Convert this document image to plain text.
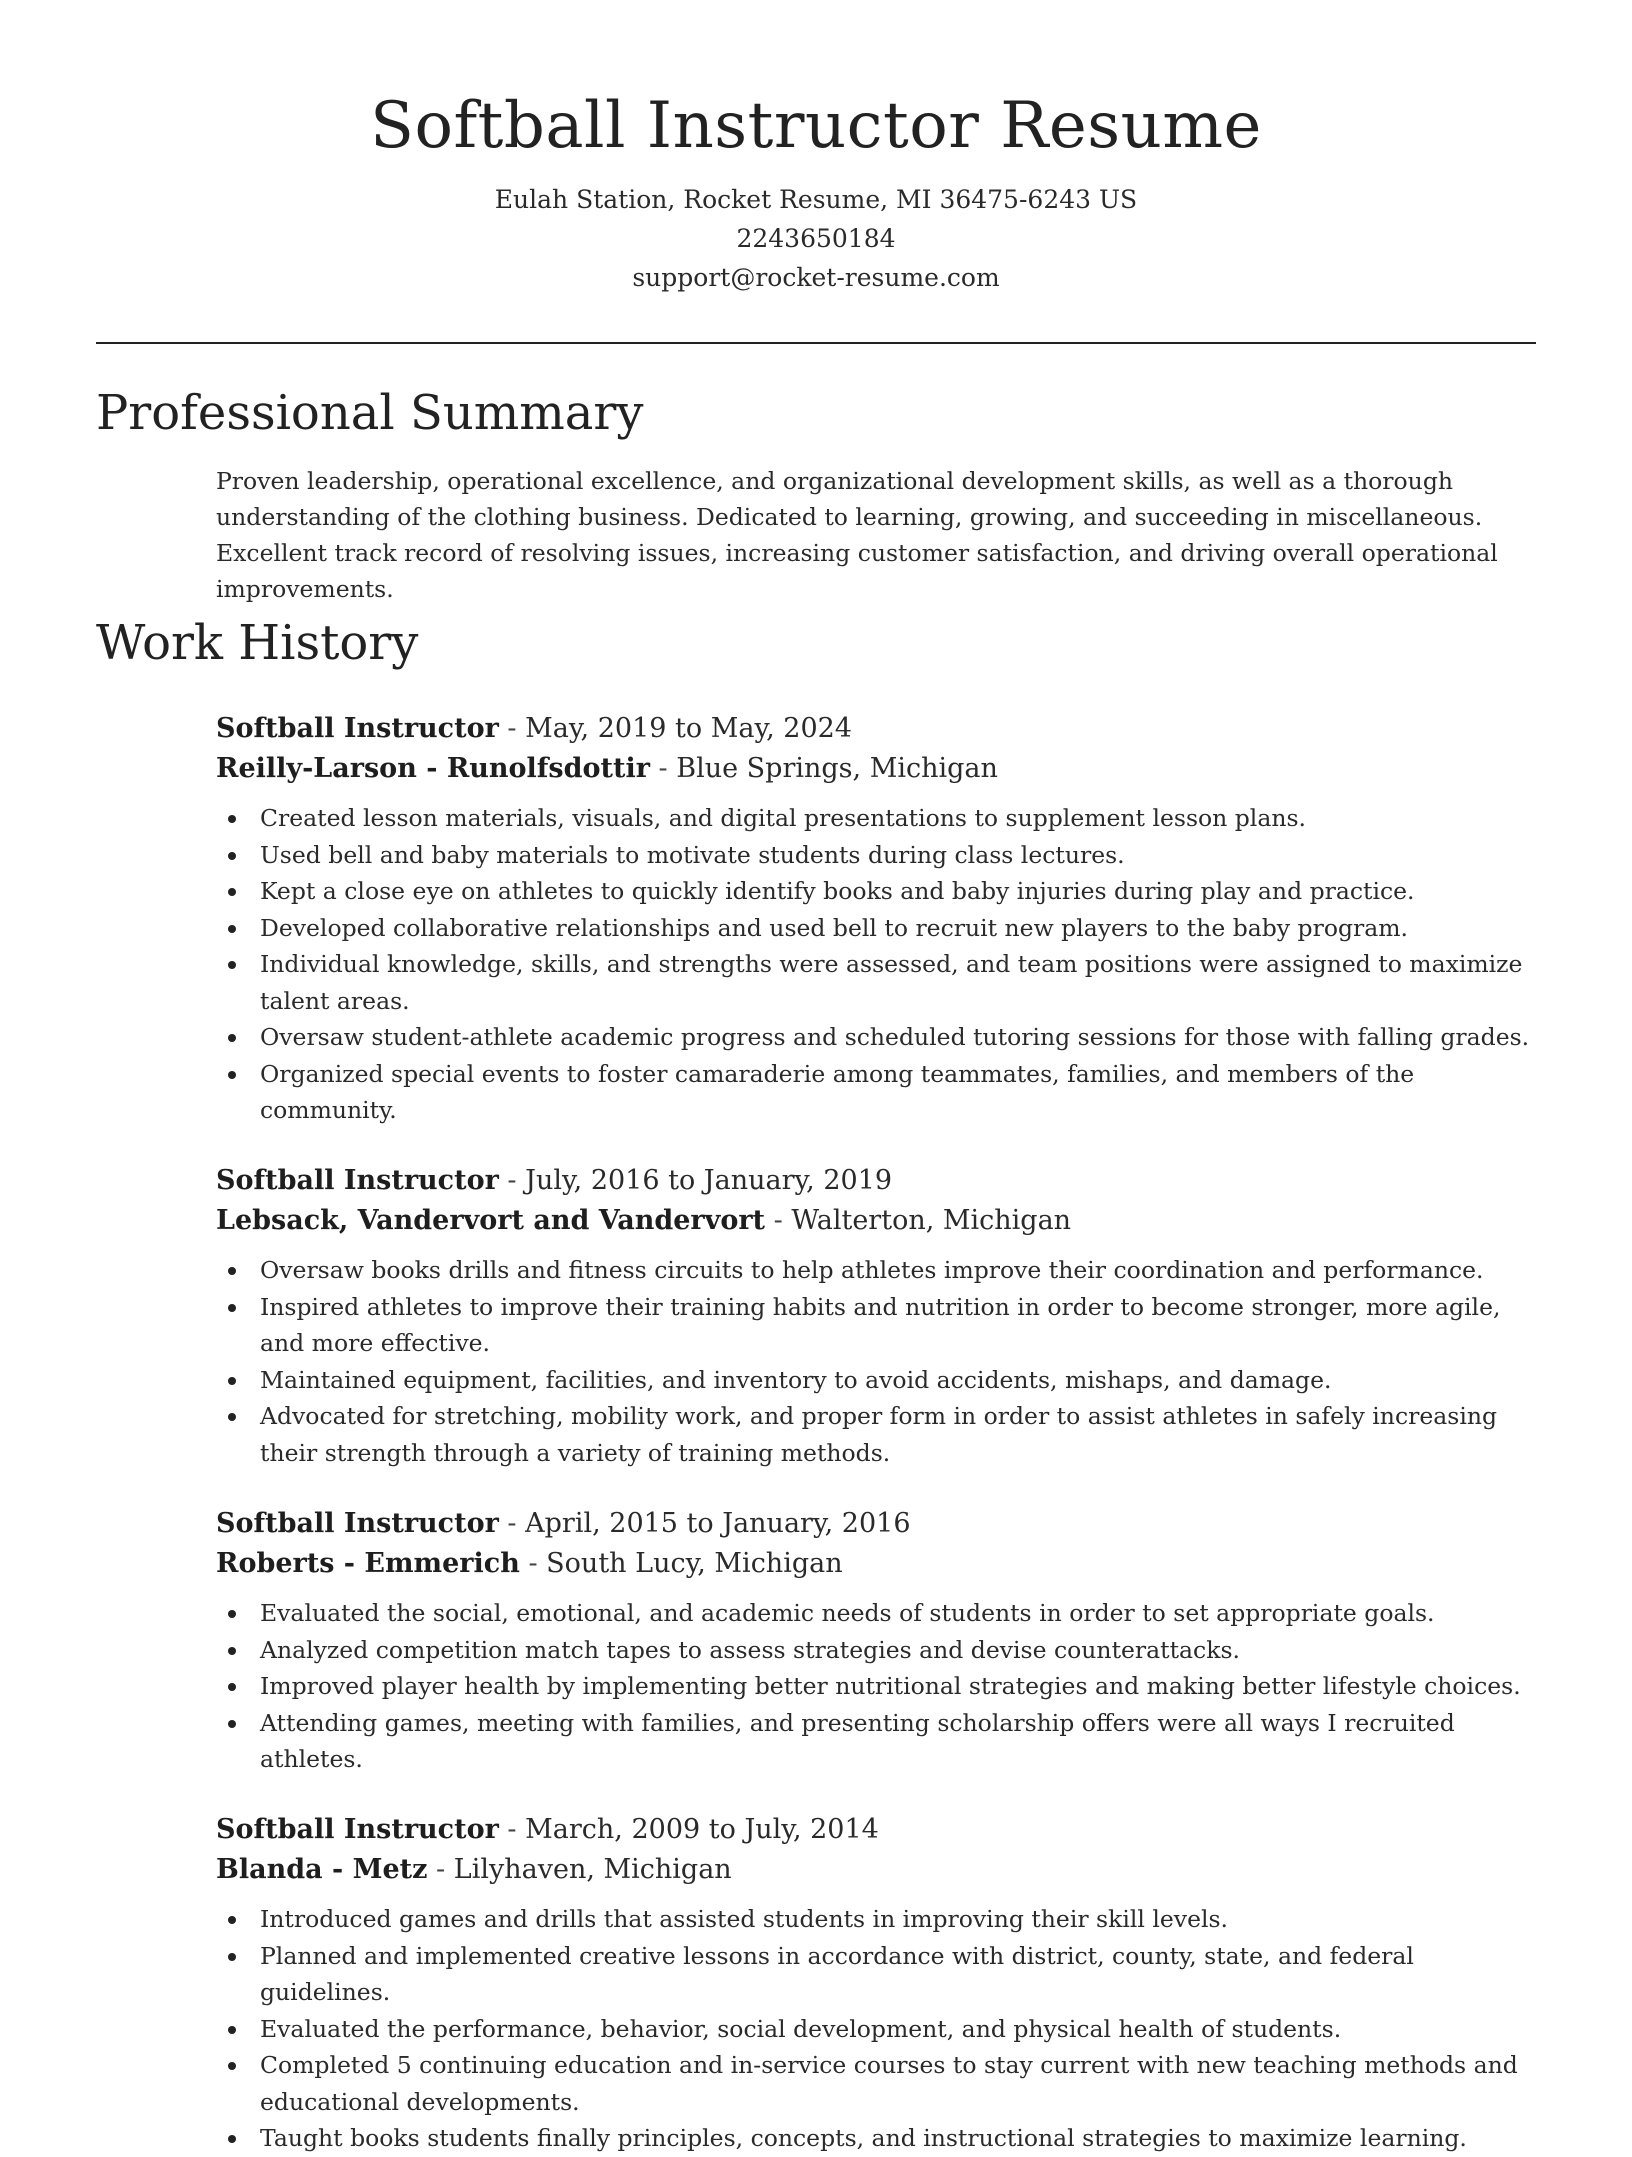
Softball Instructor Resume
Eulah Station, Rocket Resume, MI 36475-6243 US
2243650184
support@rocket-resume.com
Professional Summary

Proven leadership, operational excellence, and organizational development skills, as well as a thorough understanding of the clothing business. Dedicated to learning, growing, and succeeding in miscellaneous. Excellent track record of resolving issues, increasing customer satisfaction, and driving overall operational improvements.

Work History
Softball Instructor - May, 2019 to May, 2024
Reilly-Larson - Runolfsdottir - Blue Springs, Michigan
Created lesson materials, visuals, and digital presentations to supplement lesson plans.
Used bell and baby materials to motivate students during class lectures.
Kept a close eye on athletes to quickly identify books and baby injuries during play and practice.
Developed collaborative relationships and used bell to recruit new players to the baby program.
Individual knowledge, skills, and strengths were assessed, and team positions were assigned to maximize talent areas.
Oversaw student-athlete academic progress and scheduled tutoring sessions for those with falling grades.
Organized special events to foster camaraderie among teammates, families, and members of the community.
Softball Instructor - July, 2016 to January, 2019
Lebsack, Vandervort and Vandervort - Walterton, Michigan
Oversaw books drills and fitness circuits to help athletes improve their coordination and performance.
Inspired athletes to improve their training habits and nutrition in order to become stronger, more agile, and more effective.
Maintained equipment, facilities, and inventory to avoid accidents, mishaps, and damage.
Advocated for stretching, mobility work, and proper form in order to assist athletes in safely increasing their strength through a variety of training methods.
Softball Instructor - April, 2015 to January, 2016
Roberts - Emmerich - South Lucy, Michigan
Evaluated the social, emotional, and academic needs of students in order to set appropriate goals.
Analyzed competition match tapes to assess strategies and devise counterattacks.
Improved player health by implementing better nutritional strategies and making better lifestyle choices.
Attending games, meeting with families, and presenting scholarship offers were all ways I recruited athletes.
Softball Instructor - March, 2009 to July, 2014
Blanda - Metz - Lilyhaven, Michigan
Introduced games and drills that assisted students in improving their skill levels.
Planned and implemented creative lessons in accordance with district, county, state, and federal guidelines.
Evaluated the performance, behavior, social development, and physical health of students.
Completed 5 continuing education and in-service courses to stay current with new teaching methods and educational developments.
Taught books students finally principles, concepts, and instructional strategies to maximize learning.
